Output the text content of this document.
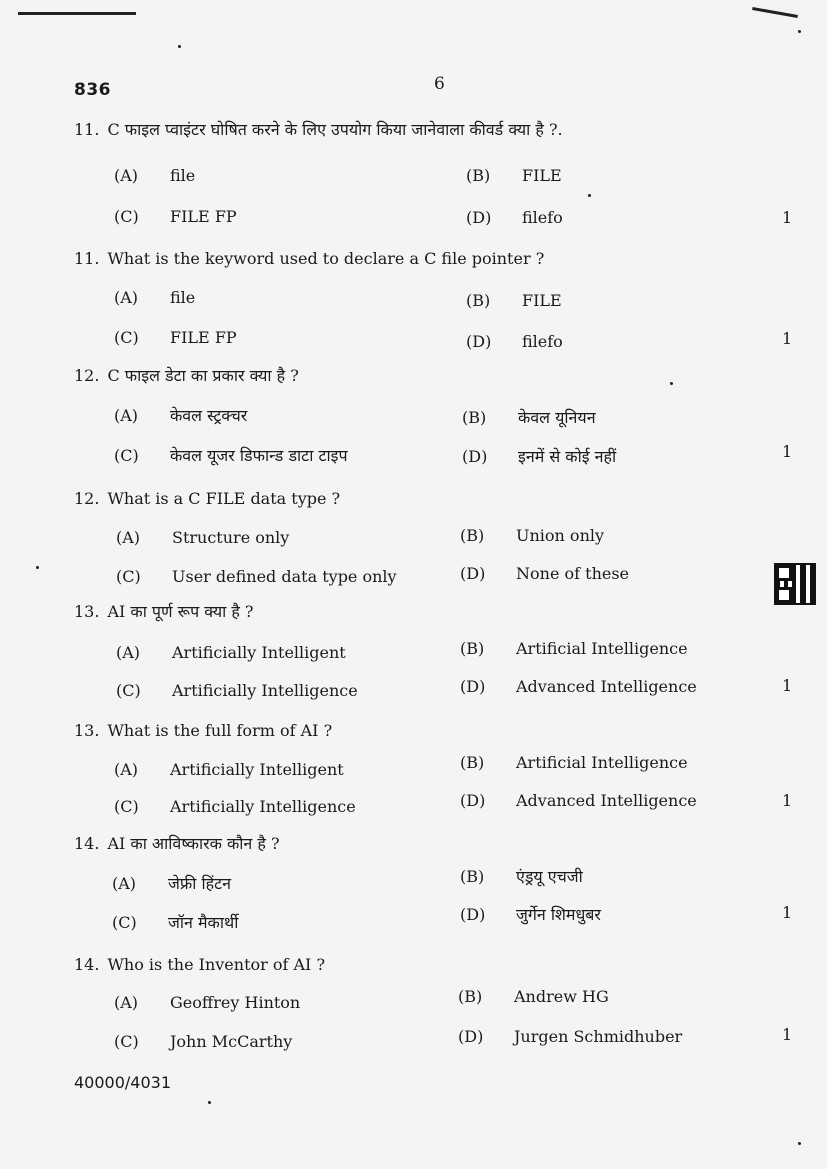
836	6
11. C फाइल प्वाइंटर घोषित करने के लिए उपयोग किया जानेवाला कीवर्ड क्या है ?.
(A) file	(B) FILE
(C) FILE FP	(D) filefo	1
11. What is the keyword used to declare a C file pointer ?
(A) file	(B) FILE
(C) FILE FP	(D) filefo	1
12. C फाइल डेटा का प्रकार क्या है ?
(A) केवल स्ट्रक्चर	(B) केवल यूनियन
(C) केवल यूजर डिफान्ड डाटा टाइप	(D) इनमें से कोई नहीं	1
12. What is a C FILE data type ?
(A) Structure only	(B) Union only
(C) User defined data type only	(D) None of these
13. AI का पूर्ण रूप क्या है ?
(A) Artificially Intelligent	(B) Artificial Intelligence
(C) Artificially Intelligence	(D) Advanced Intelligence	1
13. What is the full form of AI ?
(A) Artificially Intelligent	(B) Artificial Intelligence
(C) Artificially Intelligence	(D) Advanced Intelligence	1
14. AI का आविष्कारक कौन है ?
(A) जेफ्री हिंटन	(B) एंड्रयू एचजी
(C) जॉन मैकार्थी	(D) जुर्गेन शिमधुबर	1
14. Who is the Inventor of AI ?
(A) Geoffrey Hinton	(B) Andrew HG
(C) John McCarthy	(D) Jurgen Schmidhuber	1
40000/4031
